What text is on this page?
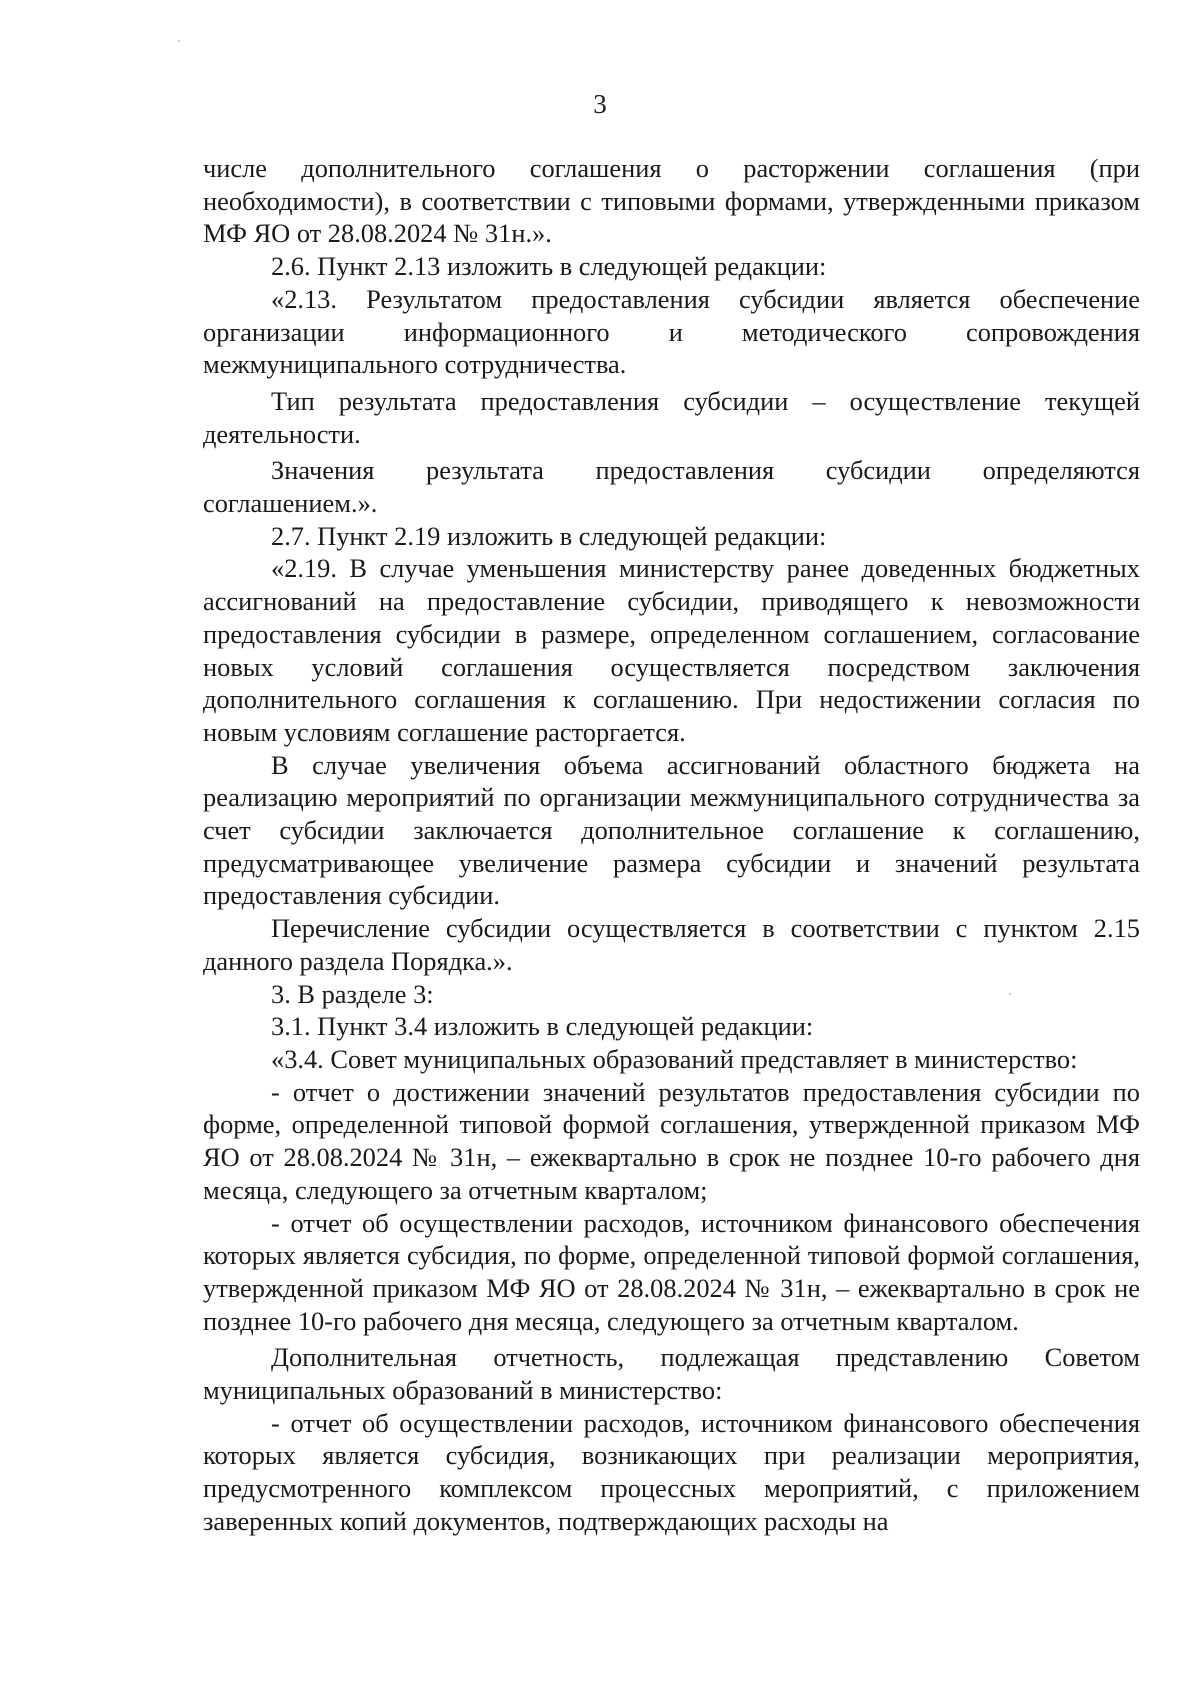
3

числе дополнительного соглашения о расторжении соглашения (при необходимости), в соответствии с типовыми формами, утвержденными приказом МФ ЯО от 28.08.2024 № 31н.».

2.6. Пункт 2.13 изложить в следующей редакции:

«2.13. Результатом предоставления субсидии является обеспечение организации информационного и методического сопровождения межмуниципального сотрудничества.

Тип результата предоставления субсидии – осуществление текущей деятельности.

Значения результата предоставления субсидии определяются соглашением.».

2.7. Пункт 2.19 изложить в следующей редакции:

«2.19. В случае уменьшения министерству ранее доведенных бюджетных ассигнований на предоставление субсидии, приводящего к невозможности предоставления субсидии в размере, определенном соглашением, согласование новых условий соглашения осуществляется посредством заключения дополнительного соглашения к соглашению. При недостижении согласия по новым условиям соглашение расторгается.

В случае увеличения объема ассигнований областного бюджета на реализацию мероприятий по организации межмуниципального сотрудничества за счет субсидии заключается дополнительное соглашение к соглашению, предусматривающее увеличение размера субсидии и значений результата предоставления субсидии.

Перечисление субсидии осуществляется в соответствии с пунктом 2.15 данного раздела Порядка.».

3. В разделе 3:

3.1. Пункт 3.4 изложить в следующей редакции:

«3.4. Совет муниципальных образований представляет в министерство:

- отчет о достижении значений результатов предоставления субсидии по форме, определенной типовой формой соглашения, утвержденной приказом МФ ЯО от 28.08.2024 № 31н, – ежеквартально в срок не позднее 10-го рабочего дня месяца, следующего за отчетным кварталом;

- отчет об осуществлении расходов, источником финансового обеспечения которых является субсидия, по форме, определенной типовой формой соглашения, утвержденной приказом МФ ЯО от 28.08.2024 № 31н, – ежеквартально в срок не позднее 10-го рабочего дня месяца, следующего за отчетным кварталом.

Дополнительная отчетность, подлежащая представлению Советом муниципальных образований в министерство:

- отчет об осуществлении расходов, источником финансового обеспечения которых является субсидия, возникающих при реализации мероприятия, предусмотренного комплексом процессных мероприятий, с приложением заверенных копий документов, подтверждающих расходы на
